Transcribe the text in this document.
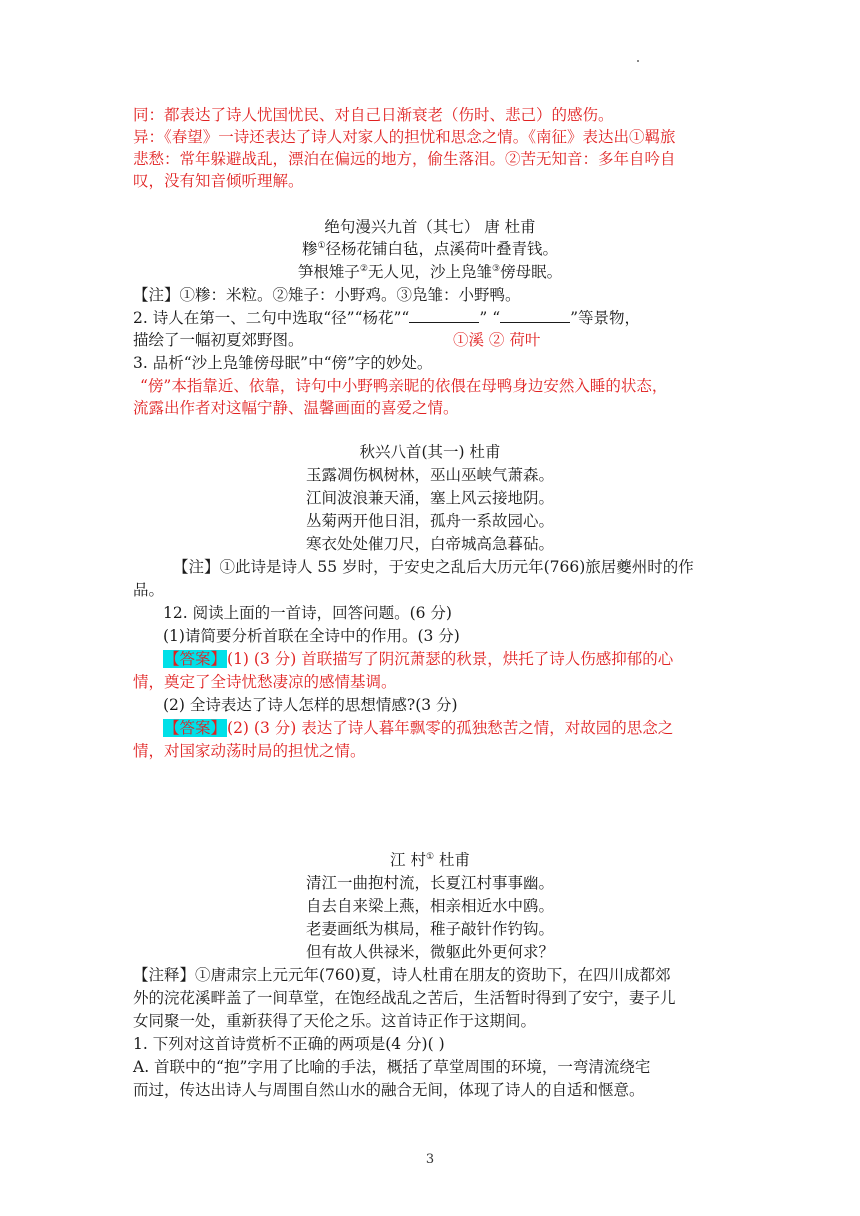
同：都表达了诗人忧国忧民、对自己日渐衰老（伤时、悲己）的感伤。
异：《春望》一诗还表达了诗人对家人的担忧和思念之情。《南征》表达出①羁旅
悲愁：常年躲避战乱，漂泊在偏远的地方，偷生落泪。②苦无知音：多年自吟自
叹，没有知音倾听理解。
绝句漫兴九首（其七） 唐 杜甫
糁①径杨花铺白毡，点溪荷叶叠青钱。
笋根雉子②无人见，沙上凫雏③傍母眠。
【注】①糁：米粒。②雉子：小野鸡。③凫雏：小野鸭。
2. 诗人在第一、二句中选取“径”“杨花”“	” “	”等景物，
描绘了一幅初夏郊野图。	①溪 ② 荷叶
3. 品析“沙上凫雏傍母眠”中“傍”字的妙处。
“傍”本指靠近、依靠，诗句中小野鸭亲昵的依偎在母鸭身边安然入睡的状态，
流露出作者对这幅宁静、温馨画面的喜爱之情。
秋兴八首(其一) 杜甫
玉露凋伤枫树林，巫山巫峡气萧森。
江间波浪兼天涌，塞上风云接地阴。
丛菊两开他日泪，孤舟一系故园心。
寒衣处处催刀尺，白帝城高急暮砧。
【注】①此诗是诗人 55 岁时，于安史之乱后大历元年(766)旅居夔州时的作
品。
12. 阅读上面的一首诗，回答问题。(6 分)
(1)请简要分析首联在全诗中的作用。(3 分)
【答案】(1) (3 分) 首联描写了阴沉萧瑟的秋景，烘托了诗人伤感抑郁的心
情，奠定了全诗忧愁凄凉的感情基调。
(2) 全诗表达了诗人怎样的思想情感?(3 分)
【答案】(2) (3 分) 表达了诗人暮年飘零的孤独愁苦之情，对故园的思念之
情，对国家动荡时局的担忧之情。
江 村① 杜甫
清江一曲抱村流，长夏江村事事幽。
自去自来梁上燕，相亲相近水中鸥。
老妻画纸为棋局，稚子敲针作钓钩。
但有故人供禄米，微躯此外更何求？
【注释】①唐肃宗上元元年(760)夏，诗人杜甫在朋友的资助下，在四川成都郊
外的浣花溪畔盖了一间草堂，在饱经战乱之苦后，生活暂时得到了安宁，妻子儿
女同聚一处，重新获得了天伦之乐。这首诗正作于这期间。
1. 下列对这首诗赏析不正确的两项是(4 分)( )
A. 首联中的“抱”字用了比喻的手法，概括了草堂周围的环境，一弯清流绕宅
而过，传达出诗人与周围自然山水的融合无间，体现了诗人的自适和惬意。
3
